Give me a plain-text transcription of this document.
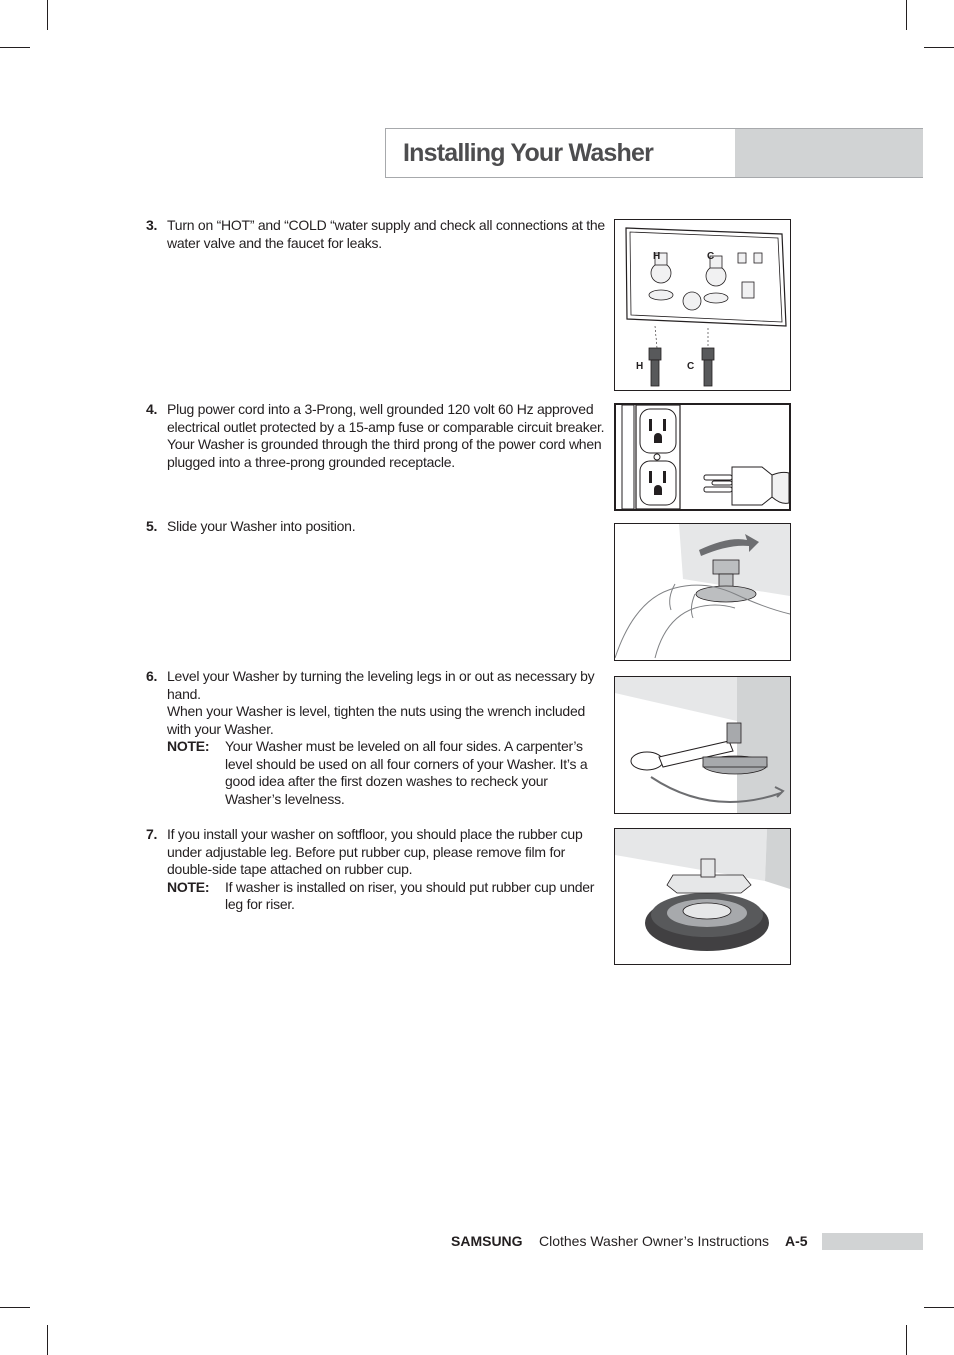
Installing Your Washer
3. Turn on “HOT” and “COLD “water supply and check all connections at the water valve and the faucet for leaks.

4. Plug power cord into a 3-Prong, well grounded 120 volt 60 Hz approved electrical outlet protected by a 15-amp fuse or comparable circuit breaker.

Your Washer is grounded through the third prong of the power cord when plugged into a three-prong grounded receptacle.

5. Slide your Washer into position.

6. Level your Washer by turning the leveling legs in or out as necessary by hand.

When your Washer is level, tighten the nuts using the wrench included with your Washer.

NOTE: Your Washer must be leveled on all four sides. A carpenter’s level should be used on all four corners of your Washer. It’s a good idea after the first dozen washes to recheck your Washer’s levelness.

7. If you install your washer on softfloor, you should place the rubber cup under adjustable leg. Before put rubber cup, please remove film for double-side tape attached on rubber cup.

NOTE: If washer is installed on riser, you should put rubber cup under leg for riser.

H	C
H	C
SAMSUNG Clothes Washer Owner’s Instructions A-5
